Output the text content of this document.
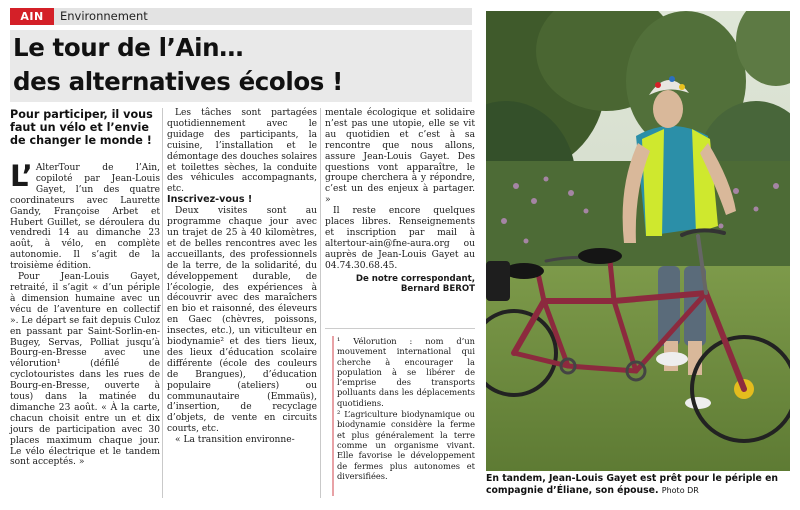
AIN	Environnement
Le tour de l’Ain…
des alternatives écolos !
Pour participer, il vous faut un vélo et l’envie de changer le monde !

L’ AlterTour de l’Ain, copiloté par Jean-Louis Gayet, l’un des quatre coordinateurs avec Laurette Gandy, Françoise Arbet et Hubert Guillet, se déroulera du vendredi 14 au dimanche 23 août, à vélo, en complète autonomie. Il s’agit de la troisième édition.

Pour Jean-Louis Gayet, retraité, il s’agit « d’un périple à dimension humaine avec un vécu de l’aventure en collectif ». Le départ se fait depuis Culoz en passant par Saint-Sorlin-en-Bugey, Servas, Polliat jusqu’à Bourg-en-Bresse avec une vélorution¹ (défilé de cyclotouristes dans les rues de Bourg-en-Bresse, ouverte à tous) dans la matinée du dimanche 23 août. « À la carte, chacun choisit entre un et dix jours de participation avec 30 places maximum chaque jour. Le vélo électrique et le tandem sont acceptés. »

Les tâches sont partagées quotidiennement avec le guidage des participants, la cuisine, l’installation et le démontage des douches solaires et toilettes sèches, la conduite des véhicules accompagnants, etc.

Inscrivez-vous !

Deux visites sont au programme chaque jour avec un trajet de 25 à 40 kilomètres, et de belles rencontres avec les accueillants, des professionnels de la terre, de la solidarité, du développement durable, de l’écologie, des expériences à découvrir avec des maraîchers en bio et raisonné, des éleveurs en Gaec (chèvres, poissons, insectes, etc.), un viticulteur en biodynamie² et des tiers lieux, des lieux d’éducation scolaire différente (école des couleurs de Brangues), d’éducation populaire (ateliers) ou communautaire (Emmaüs), d’insertion, de recyclage d’objets, de vente en circuits courts, etc.

« La transition environne-

mentale écologique et solidaire n’est pas une utopie, elle se vit au quotidien et c’est à sa rencontre que nous allons, assure Jean-Louis Gayet. Des questions vont apparaître, le groupe cherchera à y répondre, c’est un des enjeux à partager. »

Il reste encore quelques places libres. Renseignements et inscription par mail à altertour-ain@fne-aura.org ou auprès de Jean-Louis Gayet au 04.74.30.68.45.

De notre correspondant,
Bernard BEROT

¹ Vélorution : nom d’un mouvement international qui cherche à encourager la population à se libérer de l’emprise des transports polluants dans les déplacements quotidiens.

² L’agriculture biodynamique ou biodynamie considère la ferme et plus généralement la terre comme un organisme vivant. Elle favorise le développement de fermes plus autonomes et diversifiées.	En tandem, Jean-Louis Gayet est prêt pour le périple en compagnie d’Éliane, son épouse. Photo DR
